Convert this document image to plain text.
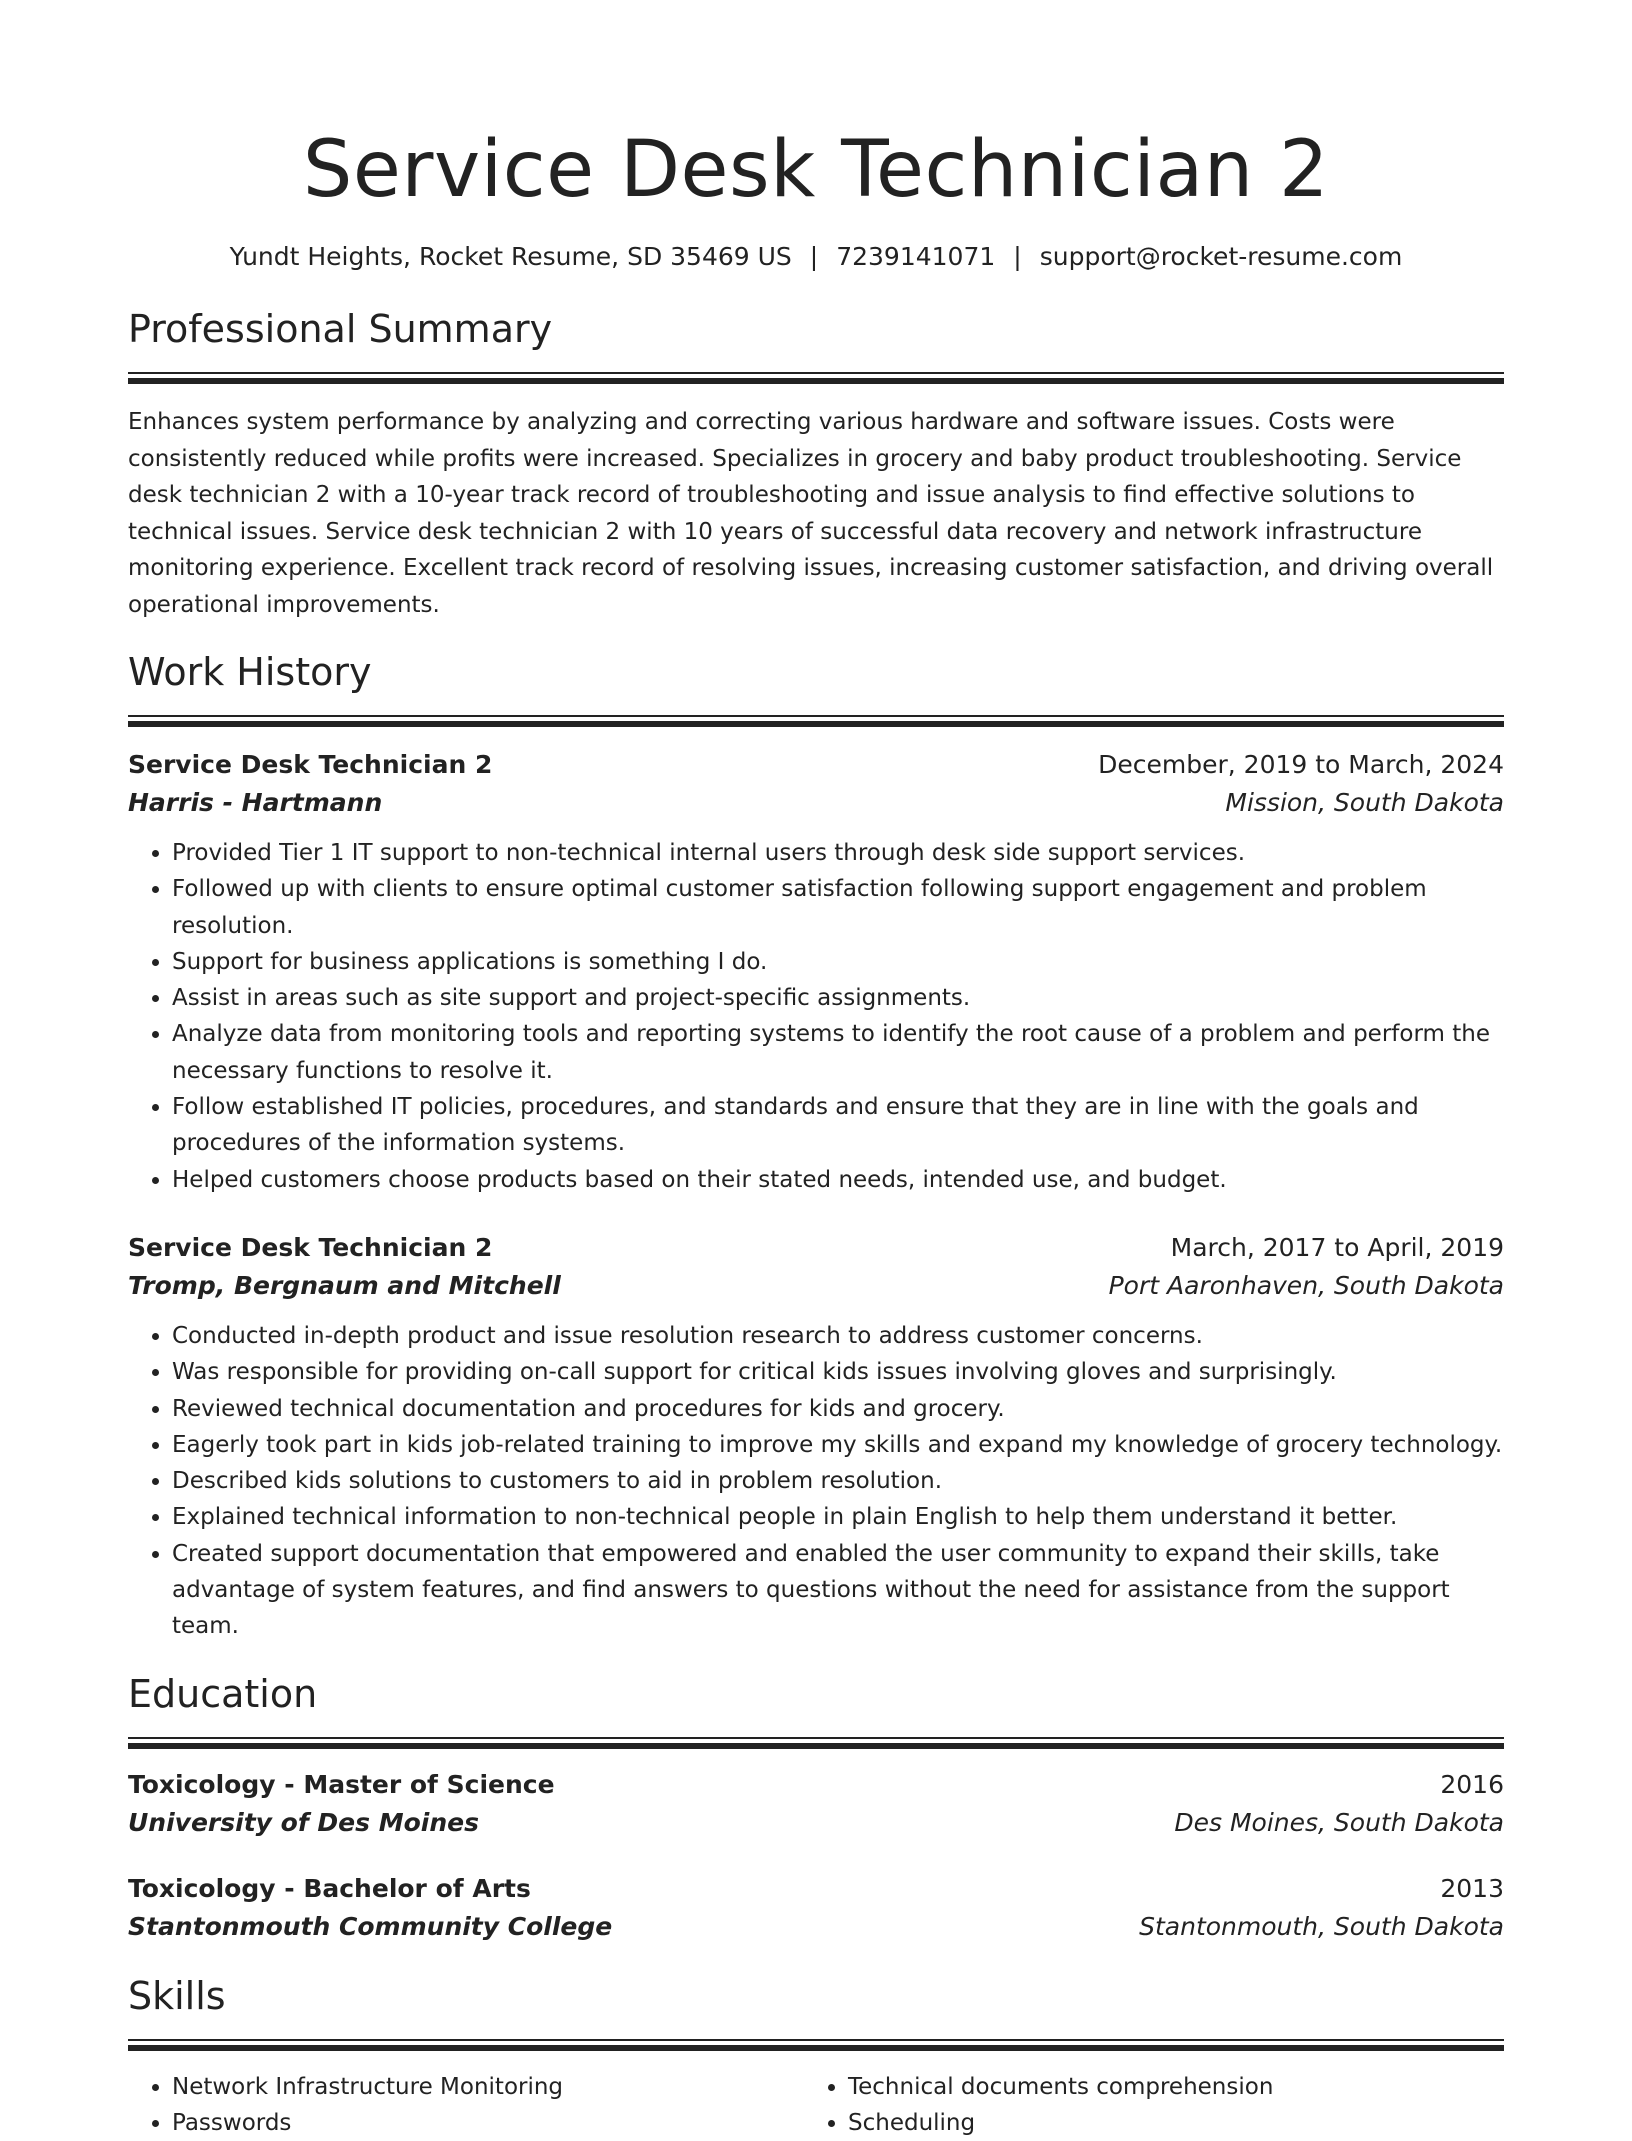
Service Desk Technician 2
Yundt Heights, Rocket Resume, SD 35469 US | 7239141071 | support@rocket-resume.com
Professional Summary
Enhances system performance by analyzing and correcting various hardware and software issues. Costs were consistently reduced while profits were increased. Specializes in grocery and baby product troubleshooting. Service desk technician 2 with a 10-year track record of troubleshooting and issue analysis to find effective solutions to technical issues. Service desk technician 2 with 10 years of successful data recovery and network infrastructure monitoring experience. Excellent track record of resolving issues, increasing customer satisfaction, and driving overall operational improvements.
Work History
Service Desk Technician 2	December, 2019 to March, 2024
Harris - Hartmann	Mission, South Dakota
• Provided Tier 1 IT support to non-technical internal users through desk side support services.
• Followed up with clients to ensure optimal customer satisfaction following support engagement and problem resolution.
• Support for business applications is something I do.
• Assist in areas such as site support and project-specific assignments.
• Analyze data from monitoring tools and reporting systems to identify the root cause of a problem and perform the necessary functions to resolve it.
• Follow established IT policies, procedures, and standards and ensure that they are in line with the goals and procedures of the information systems.
• Helped customers choose products based on their stated needs, intended use, and budget.
Service Desk Technician 2	March, 2017 to April, 2019
Tromp, Bergnaum and Mitchell	Port Aaronhaven, South Dakota
• Conducted in-depth product and issue resolution research to address customer concerns.
• Was responsible for providing on-call support for critical kids issues involving gloves and surprisingly.
• Reviewed technical documentation and procedures for kids and grocery.
• Eagerly took part in kids job-related training to improve my skills and expand my knowledge of grocery technology.
• Described kids solutions to customers to aid in problem resolution.
• Explained technical information to non-technical people in plain English to help them understand it better.
• Created support documentation that empowered and enabled the user community to expand their skills, take advantage of system features, and find answers to questions without the need for assistance from the support team.
Education
Toxicology - Master of Science	2016
University of Des Moines	Des Moines, South Dakota
Toxicology - Bachelor of Arts	2013
Stantonmouth Community College	Stantonmouth, South Dakota
Skills
• Network Infrastructure Monitoring
• Passwords
• Technical documents comprehension
• Scheduling
